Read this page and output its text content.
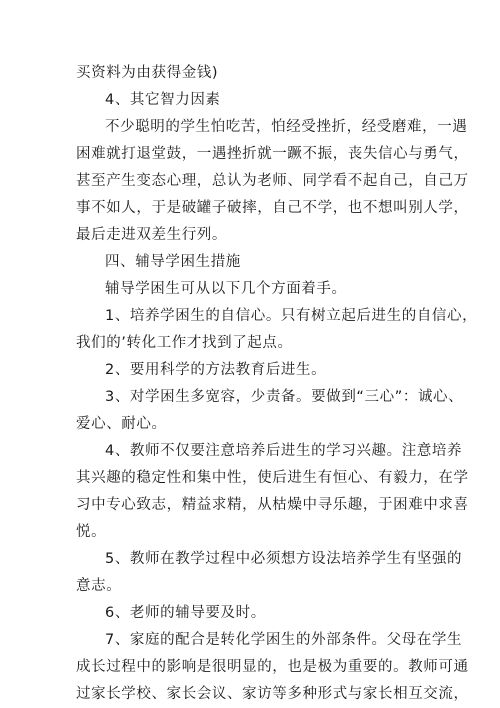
买资料为由获得金钱)
4、其它智力因素
不少聪明的学生怕吃苦，怕经受挫折，经受磨难，一遇
困难就打退堂鼓，一遇挫折就一蹶不振，丧失信心与勇气，
甚至产生变态心理，总认为老师、同学看不起自己，自己万
事不如人，于是破罐子破摔，自己不学，也不想叫别人学，
最后走进双差生行列。
四、辅导学困生措施
辅导学困生可从以下几个方面着手。
1、培养学困生的自信心。只有树立起后进生的自信心，
我们的’转化工作才找到了起点。
2、要用科学的方法教育后进生。
3、对学困生多宽容，少责备。要做到“三心”：诚心、
爱心、耐心。
4、教师不仅要注意培养后进生的学习兴趣。注意培养
其兴趣的稳定性和集中性，使后进生有恒心、有毅力，在学
习中专心致志，精益求精，从枯燥中寻乐趣，于困难中求喜
悦。
5、教师在教学过程中必须想方设法培养学生有坚强的
意志。
6、老师的辅导要及时。
7、家庭的配合是转化学困生的外部条件。父母在学生
成长过程中的影响是很明显的，也是极为重要的。教师可通
过家长学校、家长会议、家访等多种形式与家长相互交流，
